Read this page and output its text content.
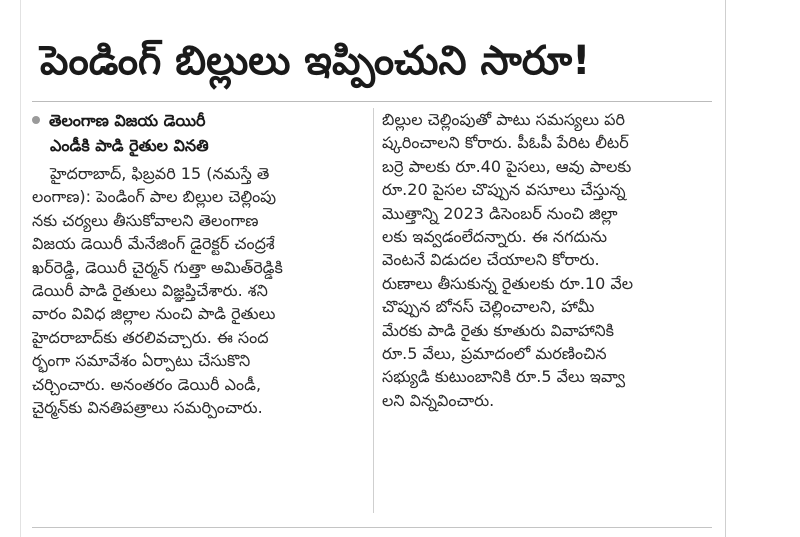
పెండింగ్ బిల్లులు ఇప్పించుని సారూ!
తెలంగాణ విజయ డెయిరీ
ఎండీకి పాడి రైతుల వినతి
హైదరాబాద్, ఫిబ్రవరి 15 (నమస్తే తె
లంగాణ): పెండింగ్ పాల బిల్లుల చెల్లింపు
నకు చర్యలు తీసుకోవాలని తెలంగాణ
విజయ డెయిరీ మేనేజింగ్ డైరెక్టర్ చంద్రశే
ఖర్‌రెడ్డి, డెయిరీ చైర్మన్ గుత్తా అమిత్‌రెడ్డికి
డెయిరీ పాడి రైతులు విజ్ఞప్తిచేశారు. శని
వారం వివిధ జిల్లాల నుంచి పాడి రైతులు
హైదరాబాద్‌కు తరలివచ్చారు. ఈ సంద
ర్భంగా సమావేశం ఏర్పాటు చేసుకొని
చర్చించారు. అనంతరం డెయిరీ ఎండీ,
చైర్మన్‌కు వినతిపత్రాలు సమర్పించారు.
బిల్లుల చెల్లింపుతో పాటు సమస్యలు పరి
ష్కరించాలని కోరారు. పీఓపీ పేరిట లీటర్
బర్రె పాలకు రూ.40 పైసలు, ఆవు పాలకు
రూ.20 పైసల చొప్పున వసూలు చేస్తున్న
మొత్తాన్ని 2023 డిసెంబర్ నుంచి జిల్లా
లకు ఇవ్వడంలేదన్నారు. ఈ నగదును
వెంటనే విడుదల చేయాలని కోరారు.
రుణాలు తీసుకున్న రైతులకు రూ.10 వేల
చొప్పున బోనస్ చెల్లించాలని, హామీ
మేరకు పాడి రైతు కూతురు వివాహానికి
రూ.5 వేలు, ప్రమాదంలో మరణించిన
సభ్యుడి కుటుంబానికి రూ.5 వేలు ఇవ్వా
లని విన్నవించారు.
